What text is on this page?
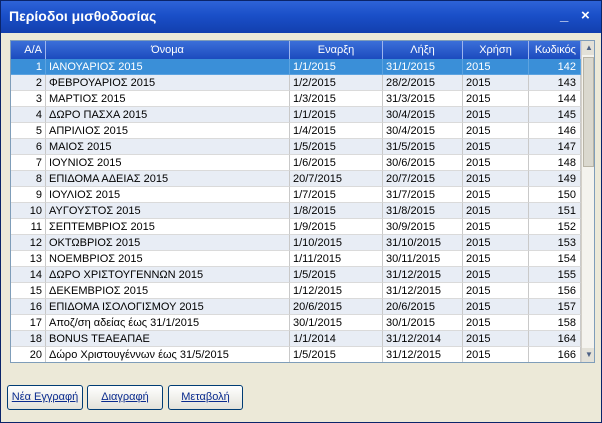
Περίοδοι μισθοδοσίας	_ ×
Α/Α	Όνομα	Εναρξη	Λήξη	Χρήση	Κωδικός
1 ΙΑΝΟΥΑΡΙΟΣ 2015	1/1/2015	31/1/2015	2015	142
2 ΦΕΒΡΟΥΑΡΙΟΣ 2015	1/2/2015	28/2/2015	2015	143
3 ΜΑΡΤΙΟΣ 2015	1/3/2015	31/3/2015	2015	144
4 ΔΩΡΟ ΠΑΣΧΑ 2015	1/1/2015	30/4/2015	2015	145
5 ΑΠΡΙΛΙΟΣ 2015	1/4/2015	30/4/2015	2015	146
6 ΜΑΙΟΣ 2015	1/5/2015	31/5/2015	2015	147
7 ΙΟΥΝΙΟΣ 2015	1/6/2015	30/6/2015	2015	148
8 ΕΠΙΔΟΜΑ ΑΔΕΙΑΣ 2015	20/7/2015	20/7/2015	2015	149
9 ΙΟΥΛΙΟΣ 2015	1/7/2015	31/7/2015	2015	150
10 ΑΥΓΟΥΣΤΟΣ 2015	1/8/2015	31/8/2015	2015	151
11 ΣΕΠΤΕΜΒΡΙΟΣ 2015	1/9/2015	30/9/2015	2015	152
12 ΟΚΤΩΒΡΙΟΣ 2015	1/10/2015	31/10/2015	2015	153
13 ΝΟΕΜΒΡΙΟΣ 2015	1/11/2015	30/11/2015	2015	154
14 ΔΩΡΟ ΧΡΙΣΤΟΥΓΕΝΝΩΝ 2015	1/5/2015	31/12/2015	2015	155
15 ΔΕΚΕΜΒΡΙΟΣ 2015	1/12/2015	31/12/2015	2015	156
16 ΕΠΙΔΟΜΑ ΙΣΟΛΟΓΙΣΜΟΥ 2015	20/6/2015	20/6/2015	2015	157
17 Αποζ/ση αδείας έως 31/1/2015	30/1/2015	30/1/2015	2015	158
18 BONUS ΤΕΑΕΑΠΑΕ	1/1/2014	31/12/2014	2015	164
20 Δώρο Χριστουγέννων έως 31/5/2015	1/5/2015	31/12/2015	2015	166
▲
▼
Νέα Εγγραφή	Διαγραφή	Μεταβολή
